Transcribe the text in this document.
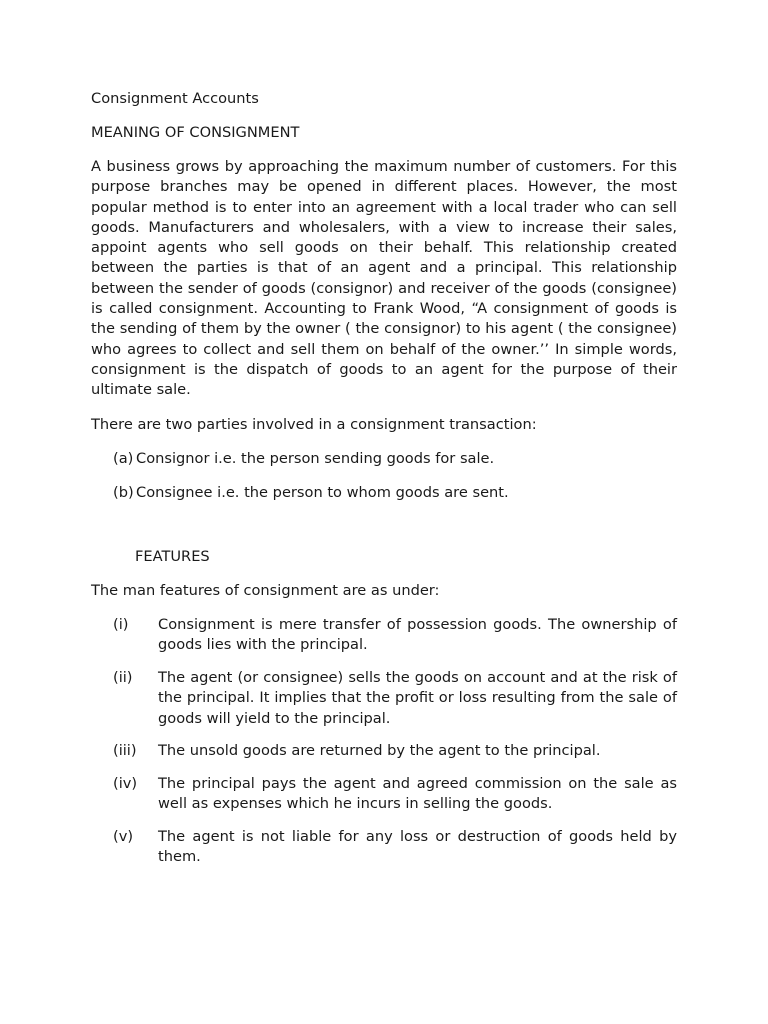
Consignment Accounts

MEANING OF CONSIGNMENT

A business grows by approaching the maximum number of customers. For this purpose branches may be opened in different places. However, the most popular method is to enter into an agreement with a local trader who can sell goods. Manufacturers and wholesalers, with a view to increase their sales, appoint agents who sell goods on their behalf. This relationship created between the parties is that of an agent and a principal. This relationship between the sender of goods (consignor) and receiver of the goods (consignee) is called consignment. Accounting to Frank Wood, “A consignment of goods is the sending of them by the owner ( the consignor) to his agent ( the consignee) who agrees to collect and sell them on behalf of the owner.’’ In simple words, consignment is the dispatch of goods to an agent for the purpose of their ultimate sale.

There are two parties involved in a consignment transaction:

(a) Consignor i.e. the person sending goods for sale.
(b) Consignee i.e. the person to whom goods are sent.

FEATURES

The man features of consignment are as under:

(i)	Consignment is mere transfer of possession goods. The ownership of goods lies with the principal.
(ii)	The agent (or consignee) sells the goods on account and at the risk of the principal. It implies that the profit or loss resulting from the sale of goods will yield to the principal.
(iii)	The unsold goods are returned by the agent to the principal.
(iv)	The principal pays the agent and agreed commission on the sale as well as expenses which he incurs in selling the goods.
(v)	The agent is not liable for any loss or destruction of goods held by them.
